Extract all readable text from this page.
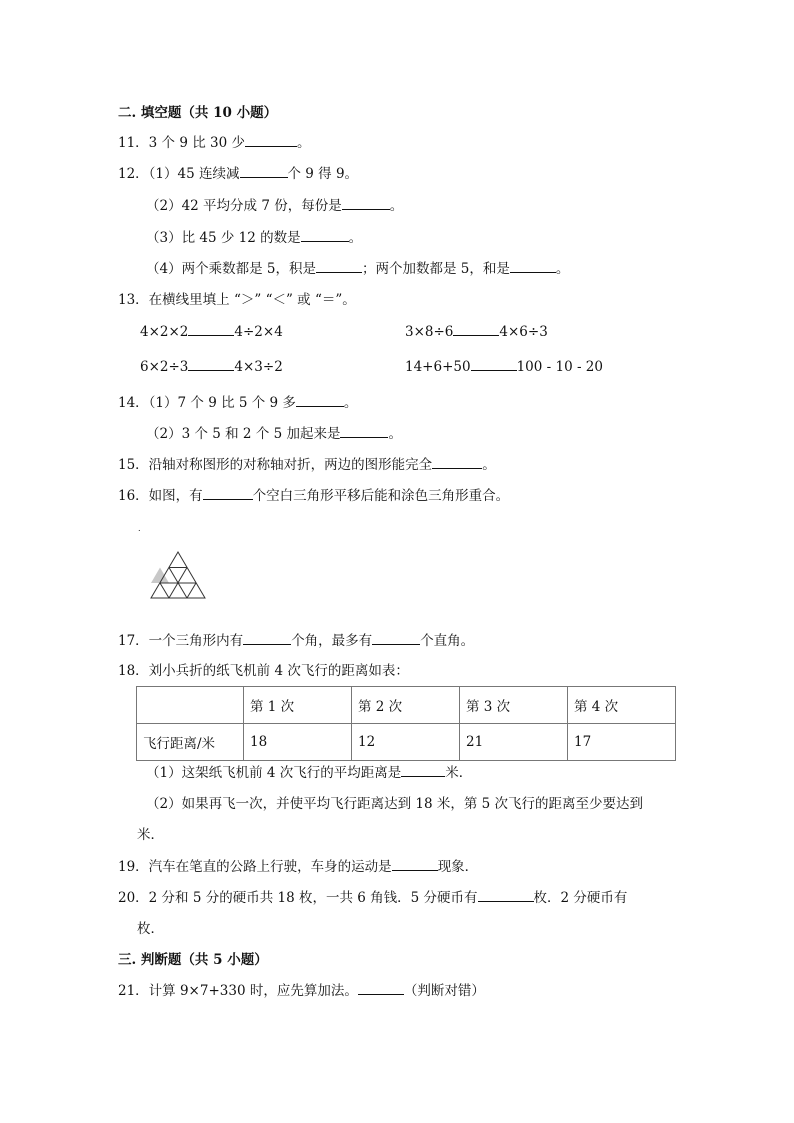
二. 填空题（共 10 小题）
11．3 个 9 比 30 少	。
12．（1）45 连续减	个 9 得 9。
（2）42 平均分成 7 份，每份是	。
（3）比 45 少 12 的数是	。
（4）两个乘数都是 5，积是	；两个加数都是 5，和是	。
13．在横线里填上 “＞” “＜” 或 “＝”。
4×2×2	4÷2×4	3×8÷6	4×6÷3
6×2÷3	4×3÷2	14+6+50	100 - 10 - 20
14．（1）7 个 9 比 5 个 9 多	。
（2）3 个 5 和 2 个 5 加起来是	。
15．沿轴对称图形的对称轴对折，两边的图形能完全	。
16．如图，有	个空白三角形平移后能和涂色三角形重合。
.
17．一个三角形内有	个角，最多有	个直角。
18．刘小兵折的纸飞机前 4 次飞行的距离如表：
	第 1 次	第 2 次	第 3 次	第 4 次
飞行距离/米	18	12	21	17
（1）这架纸飞机前 4 次飞行的平均距离是	米．
（2）如果再飞一次，并使平均飞行距离达到 18 米，第 5 次飞行的距离至少要达到
米．
19．汽车在笔直的公路上行驶，车身的运动是	现象．
20．2 分和 5 分的硬币共 18 枚，一共 6 角钱．5 分硬币有	枚．2 分硬币有
枚．
三. 判断题（共 5 小题）
21．计算 9×7+330 时，应先算加法。	（判断对错）
